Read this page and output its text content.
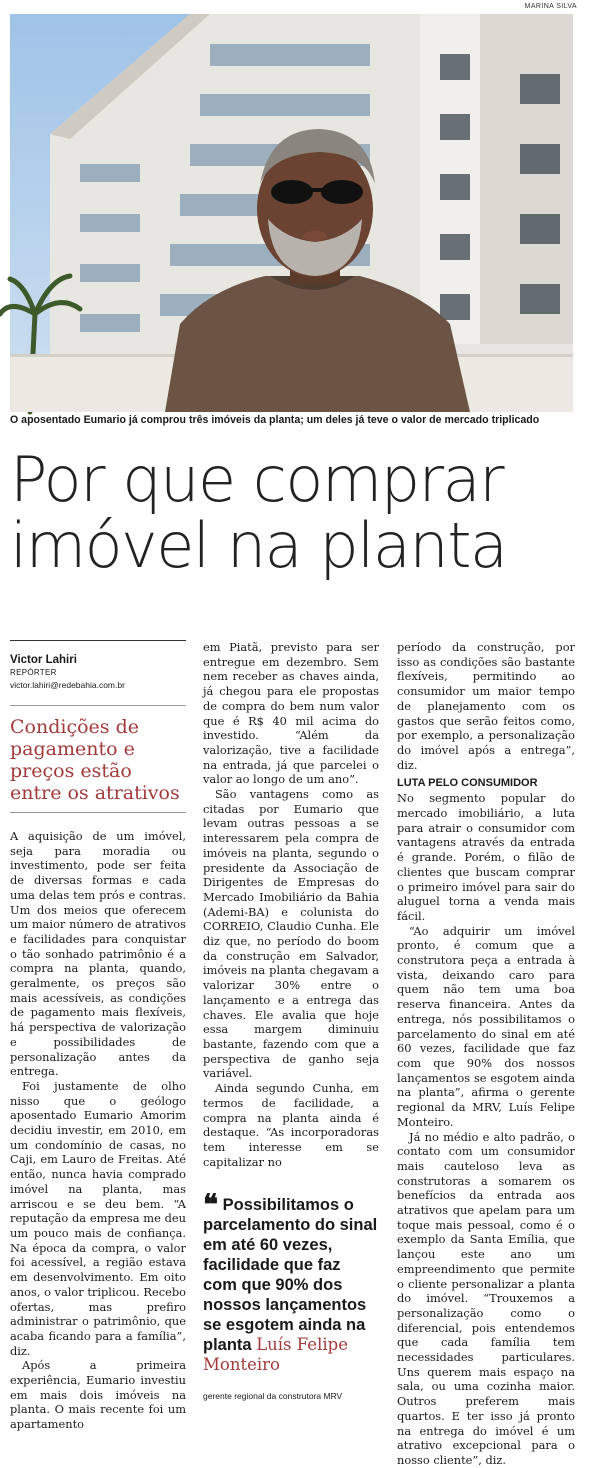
MARINA SILVA
O aposentado Eumario já comprou três imóveis da planta; um deles já teve o valor de mercado triplicado
Por que comprar
imóvel na planta
Victor Lahiri
REPÓRTER
victor.lahiri@redebahia.com.br
Condições de pagamento e preços estão entre os atrativos

A aquisição de um imóvel, seja para moradia ou investimento, pode ser feita de diversas formas e cada uma delas tem prós e contras. Um dos meios que oferecem um maior número de atrativos e facilidades para conquistar o tão sonhado patrimônio é a compra na planta, quando, geralmente, os preços são mais acessíveis, as condições de pagamento mais flexíveis, há perspectiva de valorização e possibilidades de personalização antes da entrega.

Foi justamente de olho nisso que o geólogo aposentado Eumario Amorim decidiu investir, em 2010, em um condomínio de casas, no Caji, em Lauro de Freitas. Até então, nunca havia comprado imóvel na planta, mas arriscou e se deu bem. “A reputação da empresa me deu um pouco mais de confiança. Na época da compra, o valor foi acessível, a região estava em desenvolvimento. Em oito anos, o valor triplicou. Recebo ofertas, mas prefiro administrar o patrimônio, que acaba ficando para a família”, diz.

Após a primeira experiência, Eumario investiu em mais dois imóveis na planta. O mais recente foi um apartamento

em Piatã, previsto para ser entregue em dezembro. Sem nem receber as chaves ainda, já chegou para ele propostas de compra do bem num valor que é R$ 40 mil acima do investido. “Além da valorização, tive a facilidade na entrada, já que parcelei o valor ao longo de um ano”.

São vantagens como as citadas por Eumario que levam outras pessoas a se interessarem pela compra de imóveis na planta, segundo o presidente da Associação de Dirigentes de Empresas do Mercado Imobiliário da Bahia (Ademi-BA) e colunista do CORREIO, Claudio Cunha. Ele diz que, no período do boom da construção em Salvador, imóveis na planta chegavam a valorizar 30% entre o lançamento e a entrega das chaves. Ele avalia que hoje essa margem diminuiu bastante, fazendo com que a perspectiva de ganho seja variável.

Ainda segundo Cunha, em termos de facilidade, a compra na planta ainda é destaque. “As incorporadoras tem interesse em se capitalizar no

❝ Possibilitamos o parcelamento do sinal em até 60 vezes, facilidade que faz com que 90% dos nossos lançamentos se esgotem ainda na planta Luís Felipe Monteiro
gerente regional da construtora MRV

período da construção, por isso as condições são bastante flexíveis, permitindo ao consumidor um maior tempo de planejamento com os gastos que serão feitos como, por exemplo, a personalização do imóvel após a entrega”, diz.

LUTA PELO CONSUMIDOR

No segmento popular do mercado imobiliário, a luta para atrair o consumidor com vantagens através da entrada é grande. Porém, o filão de clientes que buscam comprar o primeiro imóvel para sair do aluguel torna a venda mais fácil.

“Ao adquirir um imóvel pronto, é comum que a construtora peça a entrada à vista, deixando caro para quem não tem uma boa reserva financeira. Antes da entrega, nós possibilitamos o parcelamento do sinal em até 60 vezes, facilidade que faz com que 90% dos nossos lançamentos se esgotem ainda na planta”, afirma o gerente regional da MRV, Luís Felipe Monteiro.

Já no médio e alto padrão, o contato com um consumidor mais cauteloso leva as construtoras a somarem os benefícios da entrada aos atrativos que apelam para um toque mais pessoal, como é o exemplo da Santa Emília, que lançou este ano um empreendimento que permite o cliente personalizar a planta do imóvel. “Trouxemos a personalização como o diferencial, pois entendemos que cada família tem necessidades particulares. Uns querem mais espaço na sala, ou uma cozinha maior. Outros preferem mais quartos. E ter isso já pronto na entrega do imóvel é um atrativo excepcional para o nosso cliente”, diz.
